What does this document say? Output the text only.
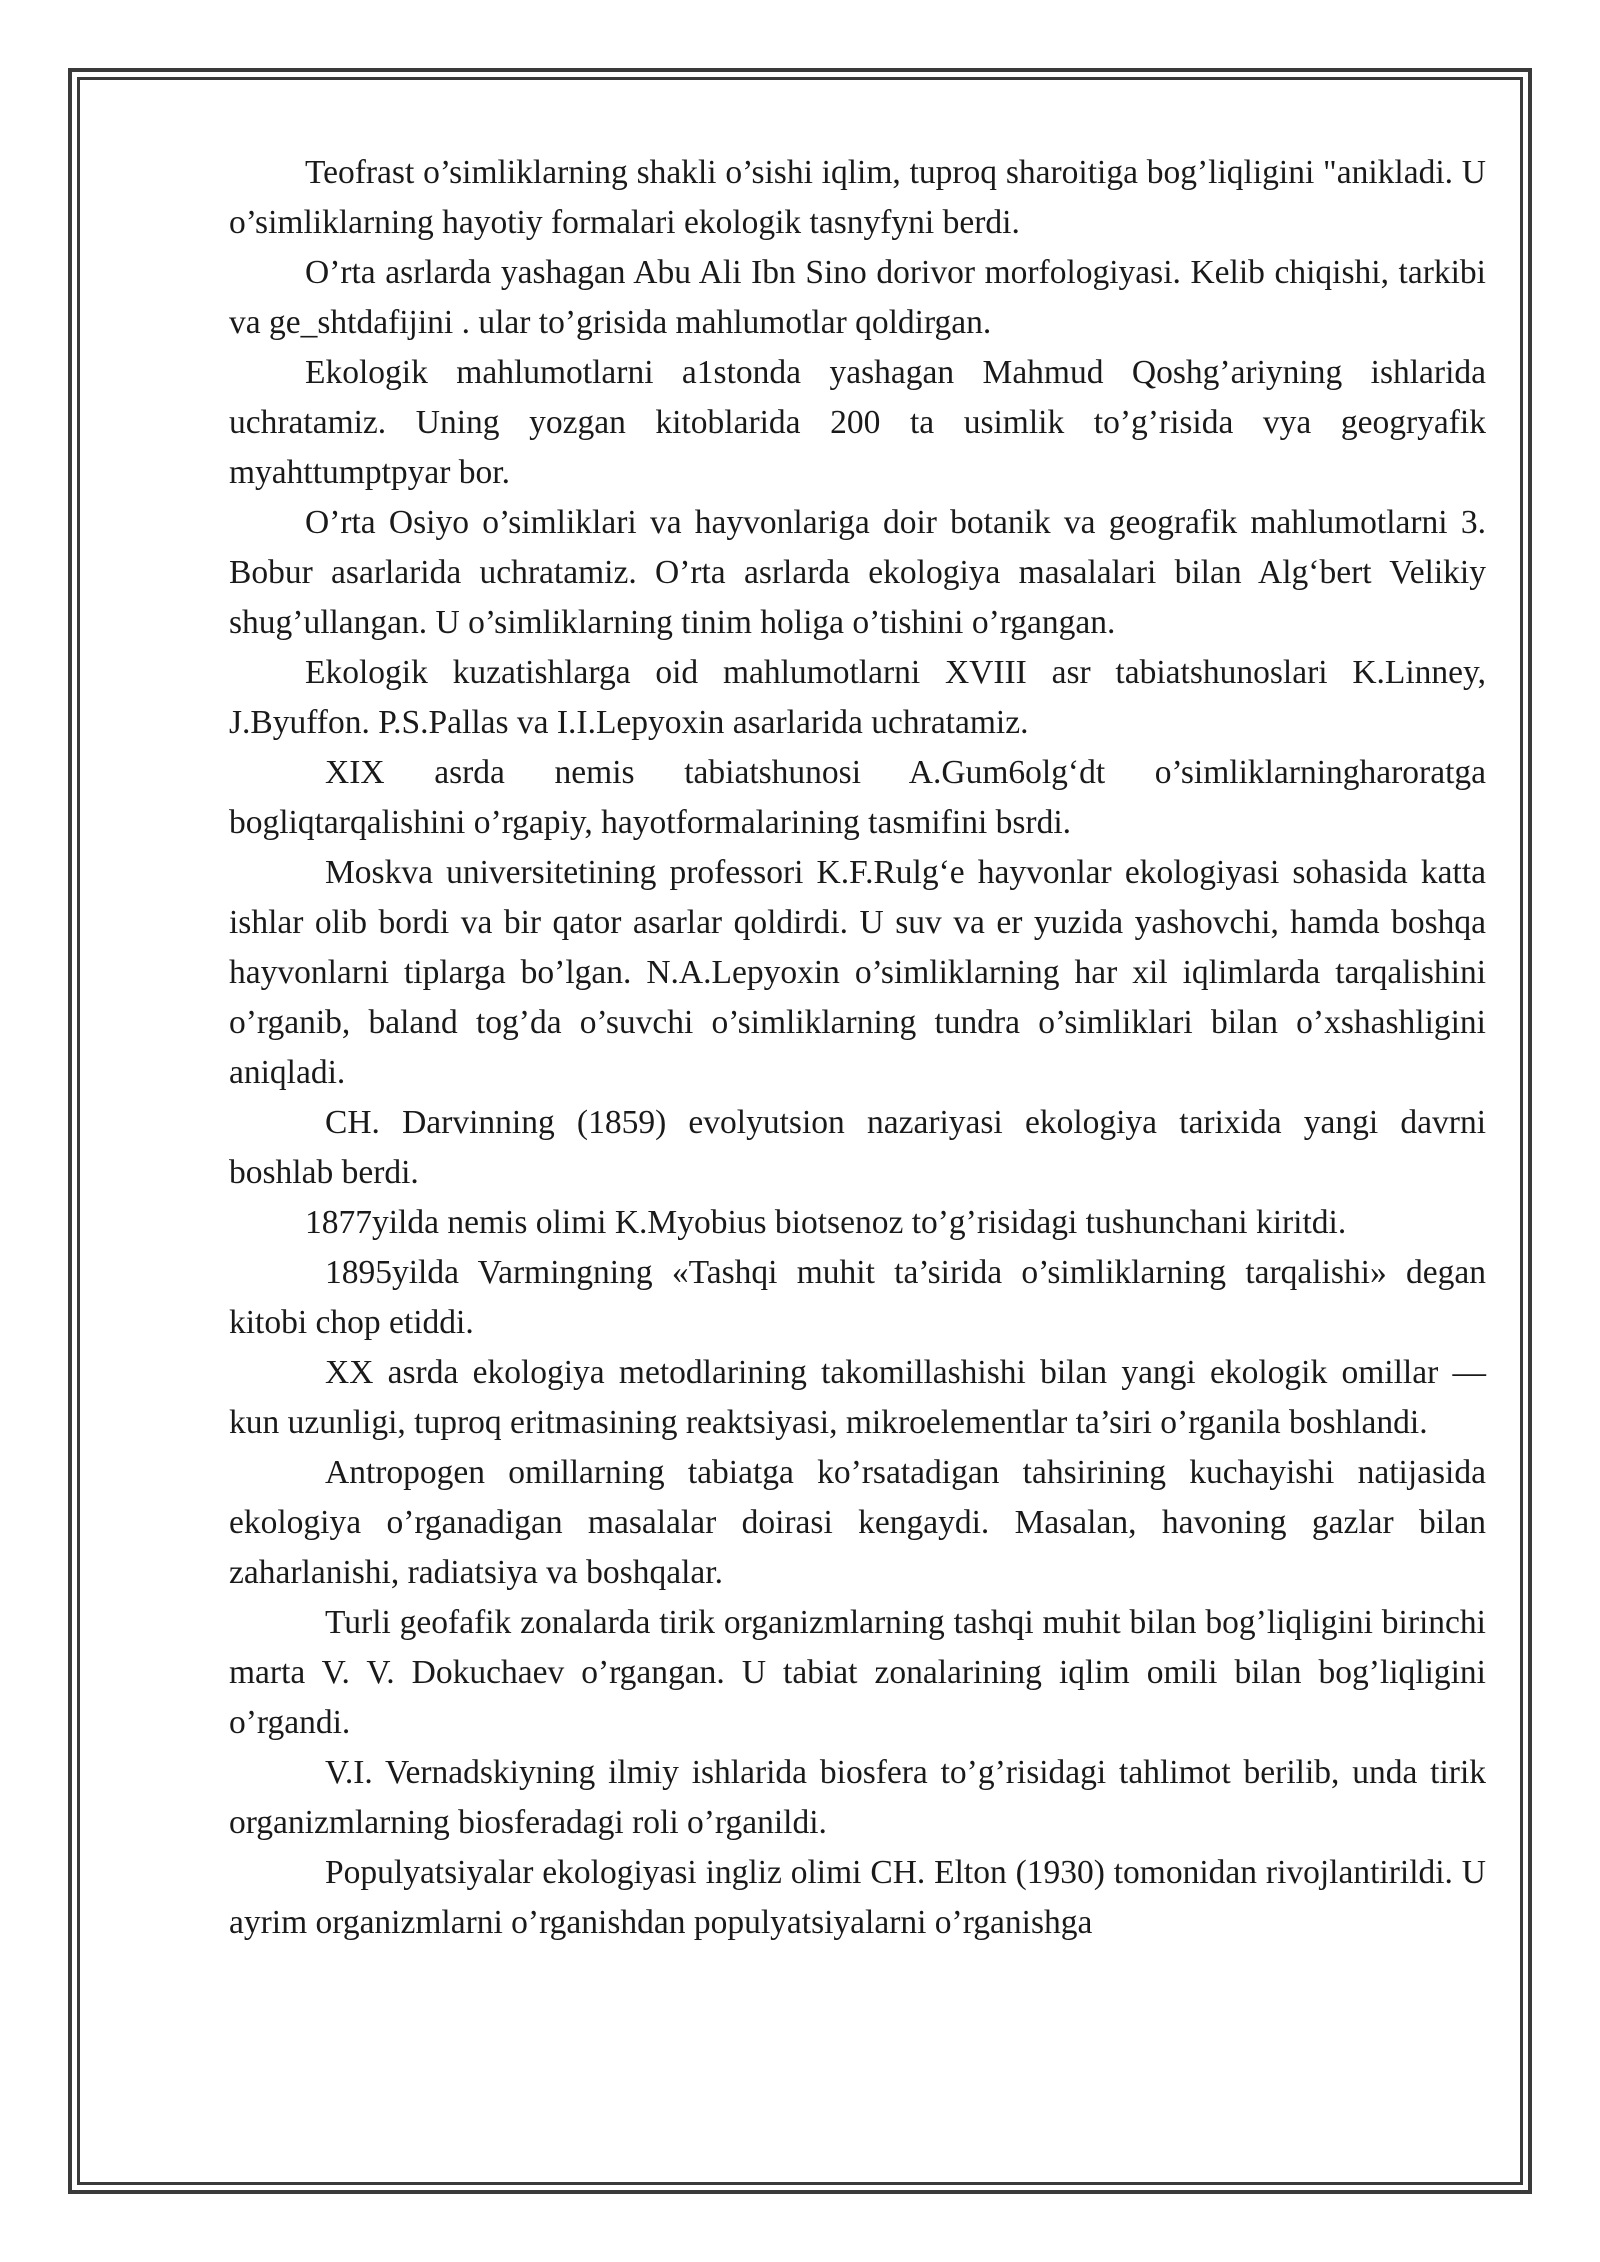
Teofrast o’simliklarning shakli o’sishi iqlim, tuproq sharoitiga bog’liqligini "anikladi. U o’simliklarning hayotiy formalari ekologik tasnyfyni berdi.

O’rta asrlarda yashagan Abu Ali Ibn Sino dorivor morfologiyasi. Kelib chiqishi, tarkibi va ge_shtdafijini . ular to’grisida mahlumotlar qoldirgan.

Ekologik mahlumotlarni a1stonda yashagan Mahmud Qoshg’ariyning ishlarida uchratamiz. Uning yozgan kitoblarida 200 ta usimlik to’g’risida vya geogryafik myahttumptpyar bor.

O’rta Osiyo o’simliklari va hayvonlariga doir botanik va geografik mahlumotlarni 3. Bobur asarlarida uchratamiz. O’rta asrlarda ekologiya masalalari bilan Alg‘bert Velikiy shug’ullangan. U o’simliklarning tinim holiga o’tishini o’rgangan.

Ekologik kuzatishlarga oid mahlumotlarni XVIII asr tabiatshunoslari K.Linney, J.Byuffon. P.S.Pallas va I.I.Lepyoxin asarlarida uchratamiz.

XIX asrda nemis tabiatshunosi A.Gum6olg‘dt o’simliklarningharoratga bogliqtarqalishini o’rgapiy, hayotformalarining tasmifini bsrdi.

Moskva universitetining professori K.F.Rulg‘e hayvonlar ekologiyasi sohasida katta ishlar olib bordi va bir qator asarlar qoldirdi. U suv va er yuzida yashovchi, hamda boshqa hayvonlarni tiplarga bo’lgan. N.A.Lepyoxin o’simliklarning har xil iqlimlarda tarqalishini o’rganib, baland tog’da o’suvchi o’simliklarning tundra o’simliklari bilan o’xshashligini aniqladi.

CH. Darvinning (1859) evolyutsion nazariyasi ekologiya tarixida yangi davrni boshlab berdi.

1877yilda nemis olimi K.Myobius biotsenoz to’g’risidagi tushunchani kiritdi.

1895yilda Varmingning «Tashqi muhit ta’sirida o’simliklarning tarqalishi» degan kitobi chop etiddi.

XX asrda ekologiya metodlarining takomillashishi bilan yangi ekologik omillar — kun uzunligi, tuproq eritmasining reaktsiyasi, mikroelementlar ta’siri o’rganila boshlandi.

Antropogen omillarning tabiatga ko’rsatadigan tahsirining kuchayishi natijasida ekologiya o’rganadigan masalalar doirasi kengaydi. Masalan, havoning gazlar bilan zaharlanishi, radiatsiya va boshqalar.

Turli geofafik zonalarda tirik organizmlarning tashqi muhit bilan bog’liqligini birinchi marta V. V. Dokuchaev o’rgangan. U tabiat zonalarining iqlim omili bilan bog’liqligini o’rgandi.

V.I. Vernadskiyning ilmiy ishlarida biosfera to’g’risidagi tahlimot berilib, unda tirik organizmlarning biosferadagi roli o’rganildi.

Populyatsiyalar ekologiyasi ingliz olimi CH. Elton (1930) tomonidan rivojlantirildi. U ayrim organizmlarni o’rganishdan populyatsiyalarni o’rganishga
